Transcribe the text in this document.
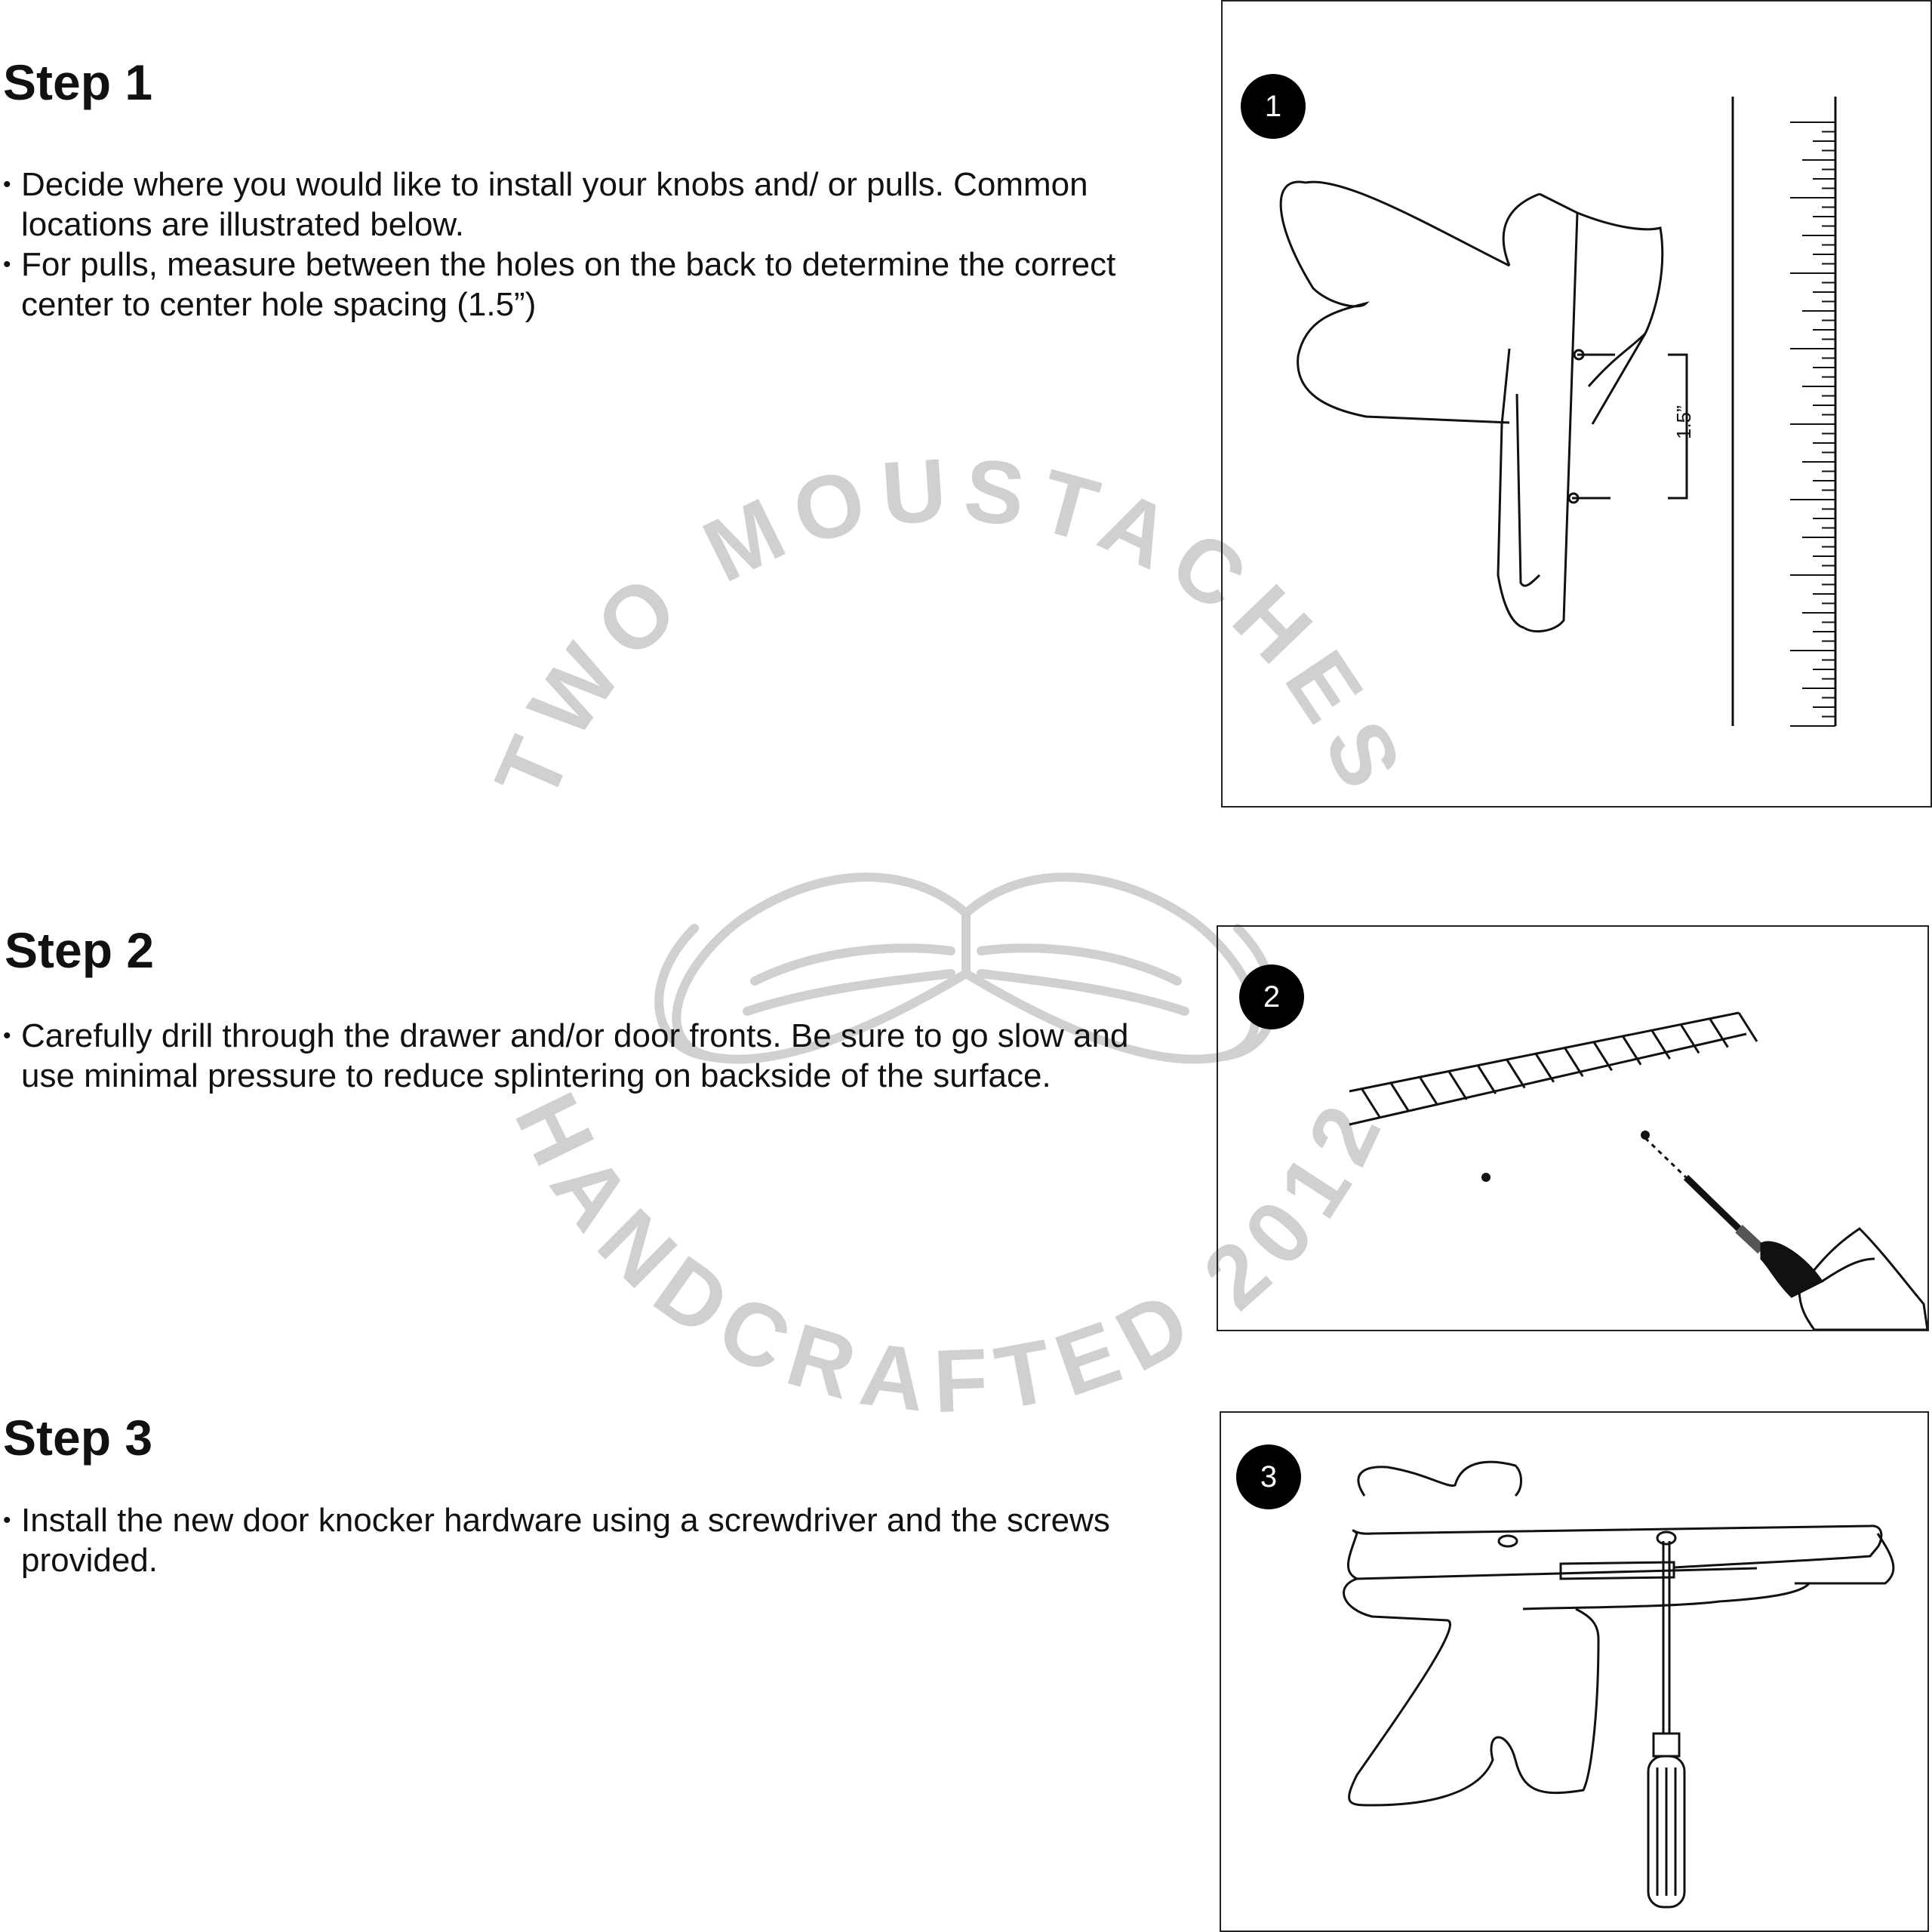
TWO MOUSTACHES
HANDCRAFTED 2012
Step 1
• Decide where you would like to install your knobs and/ or pulls. Common locations are illustrated below.
• For pulls, measure between the holes on the back to determine the correct center to center hole spacing (1.5”)
1
1.5”
Step 2
• Carefully drill through the drawer and/or door fronts. Be sure to go slow and use minimal pressure to reduce splintering on backside of the surface.
2
Step 3
• Install the new door knocker hardware using a screwdriver and the screws provided.
3
